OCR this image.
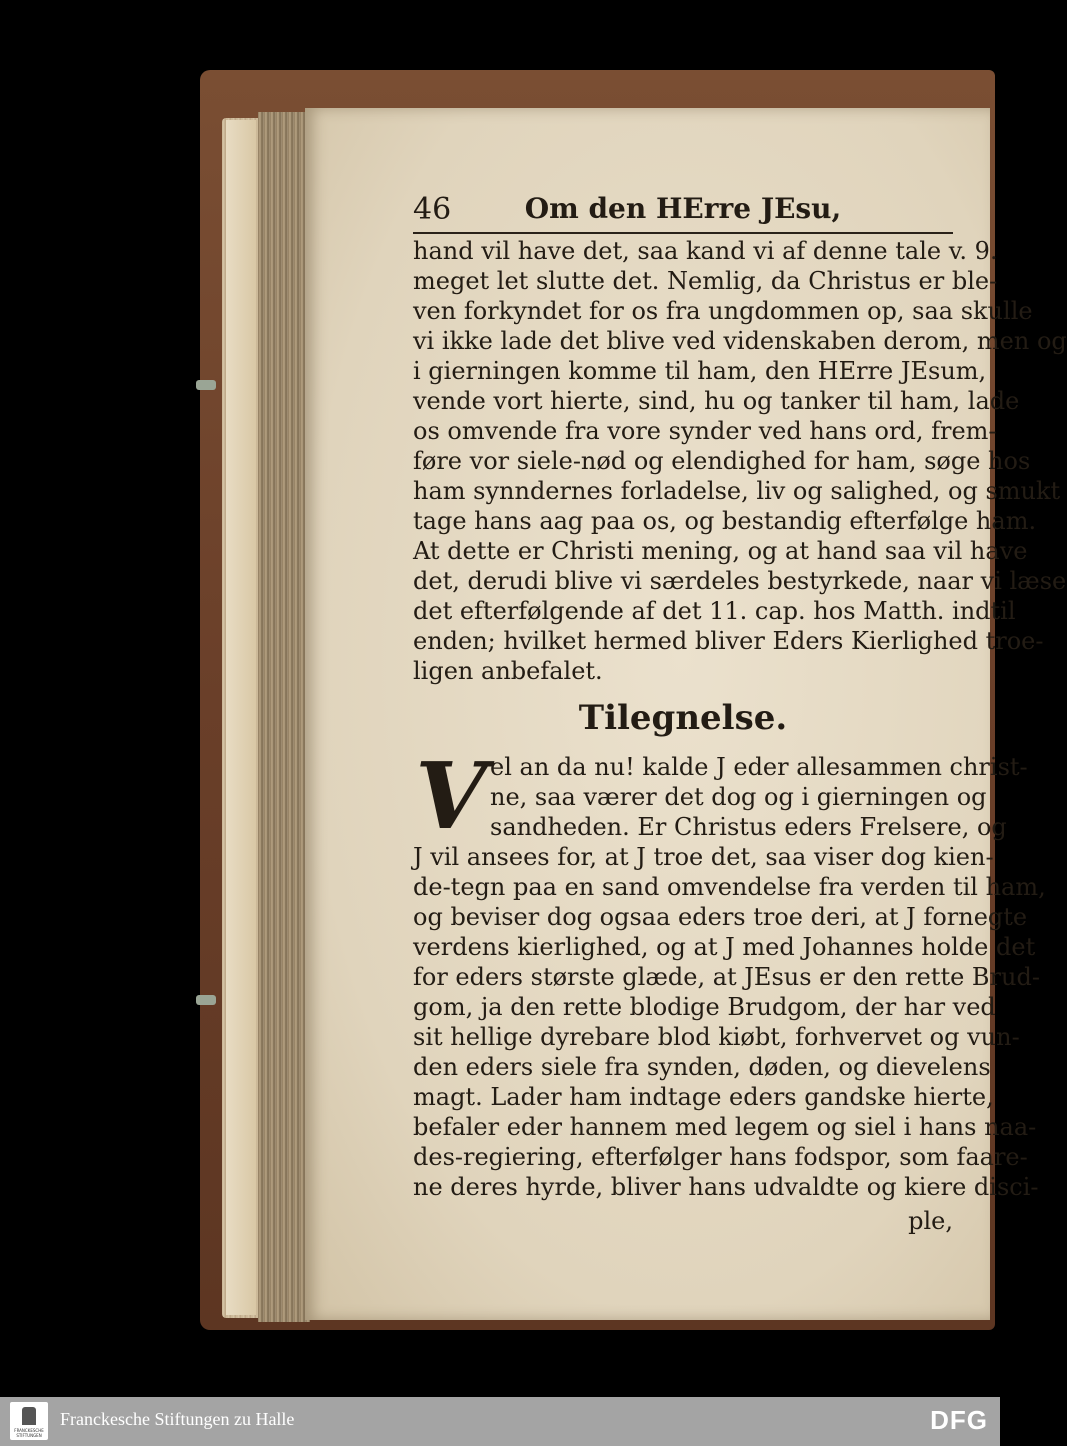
46	Om den HErre JEsu,
hand vil have det, saa kand vi af denne tale v. 9.
meget let slutte det. Nemlig, da Christus er ble-
ven forkyndet for os fra ungdommen op, saa skulle
vi ikke lade det blive ved videnskaben derom, men og
i gierningen komme til ham, den HErre JEsum,
vende vort hierte, sind, hu og tanker til ham, lade
os omvende fra vore synder ved hans ord, frem-
føre vor siele-nød og elendighed for ham, søge hos
ham synndernes forladelse, liv og salighed, og smukt
tage hans aag paa os, og bestandig efterfølge ham.
At dette er Christi mening, og at hand saa vil have
det, derudi blive vi særdeles bestyrkede, naar vi læse
det efterfølgende af det 11. cap. hos Matth. indtil
enden; hvilket hermed bliver Eders Kierlighed troe-
ligen anbefalet.
Tilegnelse.
V el an da nu! kalde J eder allesammen christ-
ne, saa værer det dog og i gierningen og
sandheden. Er Christus eders Frelsere, og
J vil ansees for, at J troe det, saa viser dog kien-
de-tegn paa en sand omvendelse fra verden til ham,
og beviser dog ogsaa eders troe deri, at J fornegte
verdens kierlighed, og at J med Johannes holde det
for eders største glæde, at JEsus er den rette Brud-
gom, ja den rette blodige Brudgom, der har ved
sit hellige dyrebare blod kiøbt, forhvervet og vun-
den eders siele fra synden, døden, og dievelens
magt. Lader ham indtage eders gandske hierte,
befaler eder hannem med legem og siel i hans naa-
des-regiering, efterfølger hans fodspor, som faare-
ne deres hyrde, bliver hans udvaldte og kiere disci-
ple,
FRANCKESCHE STIFTUNGEN
Franckesche Stiftungen zu Halle	DFG
